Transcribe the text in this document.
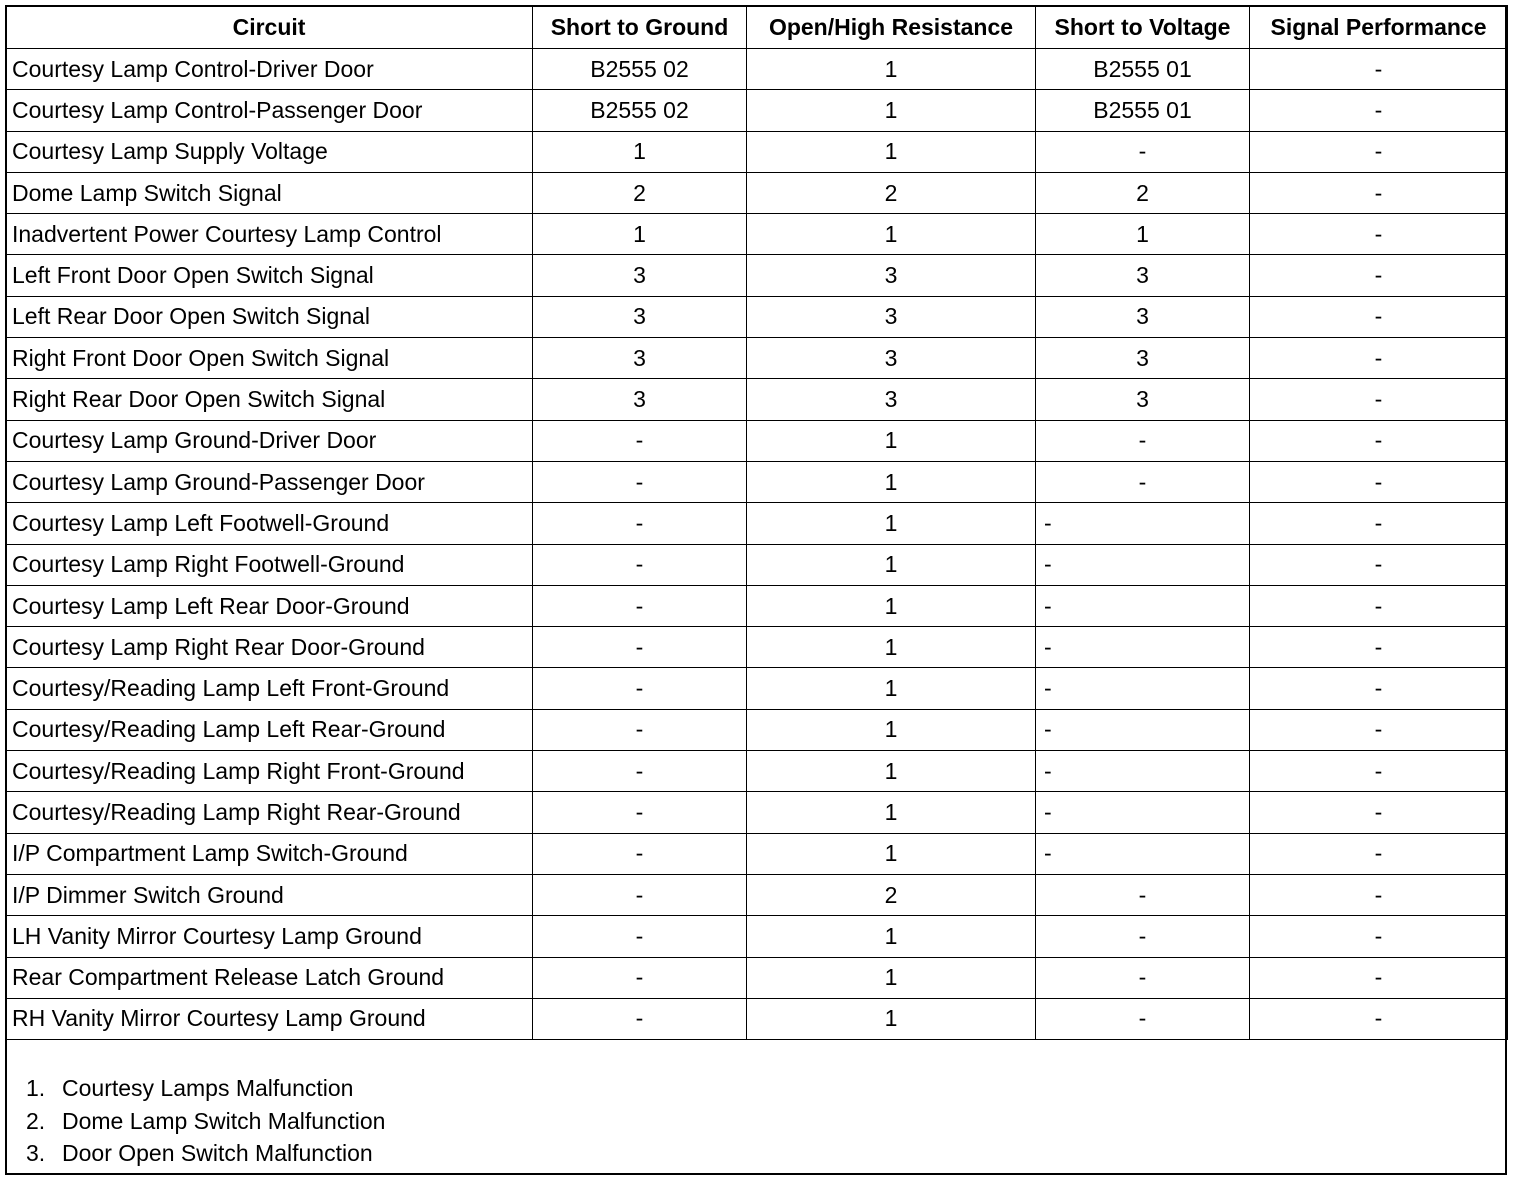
Circuit	Short to Ground	Open/High Resistance	Short to Voltage	Signal Performance
Courtesy Lamp Control-Driver Door	B2555 02	1	B2555 01	-
Courtesy Lamp Control-Passenger Door	B2555 02	1	B2555 01	-
Courtesy Lamp Supply Voltage	1	1	-	-
Dome Lamp Switch Signal	2	2	2	-
Inadvertent Power Courtesy Lamp Control	1	1	1	-
Left Front Door Open Switch Signal	3	3	3	-
Left Rear Door Open Switch Signal	3	3	3	-
Right Front Door Open Switch Signal	3	3	3	-
Right Rear Door Open Switch Signal	3	3	3	-
Courtesy Lamp Ground-Driver Door	-	1	-	-
Courtesy Lamp Ground-Passenger Door	-	1	-	-
Courtesy Lamp Left Footwell-Ground	-	1	-	-
Courtesy Lamp Right Footwell-Ground	-	1	-	-
Courtesy Lamp Left Rear Door-Ground	-	1	-	-
Courtesy Lamp Right Rear Door-Ground	-	1	-	-
Courtesy/Reading Lamp Left Front-Ground	-	1	-	-
Courtesy/Reading Lamp Left Rear-Ground	-	1	-	-
Courtesy/Reading Lamp Right Front-Ground	-	1	-	-
Courtesy/Reading Lamp Right Rear-Ground	-	1	-	-
I/P Compartment Lamp Switch-Ground	-	1	-	-
I/P Dimmer Switch Ground	-	2	-	-
LH Vanity Mirror Courtesy Lamp Ground	-	1	-	-
Rear Compartment Release Latch Ground	-	1	-	-
RH Vanity Mirror Courtesy Lamp Ground	-	1	-	-
1. Courtesy Lamps Malfunction
2. Dome Lamp Switch Malfunction
3. Door Open Switch Malfunction
